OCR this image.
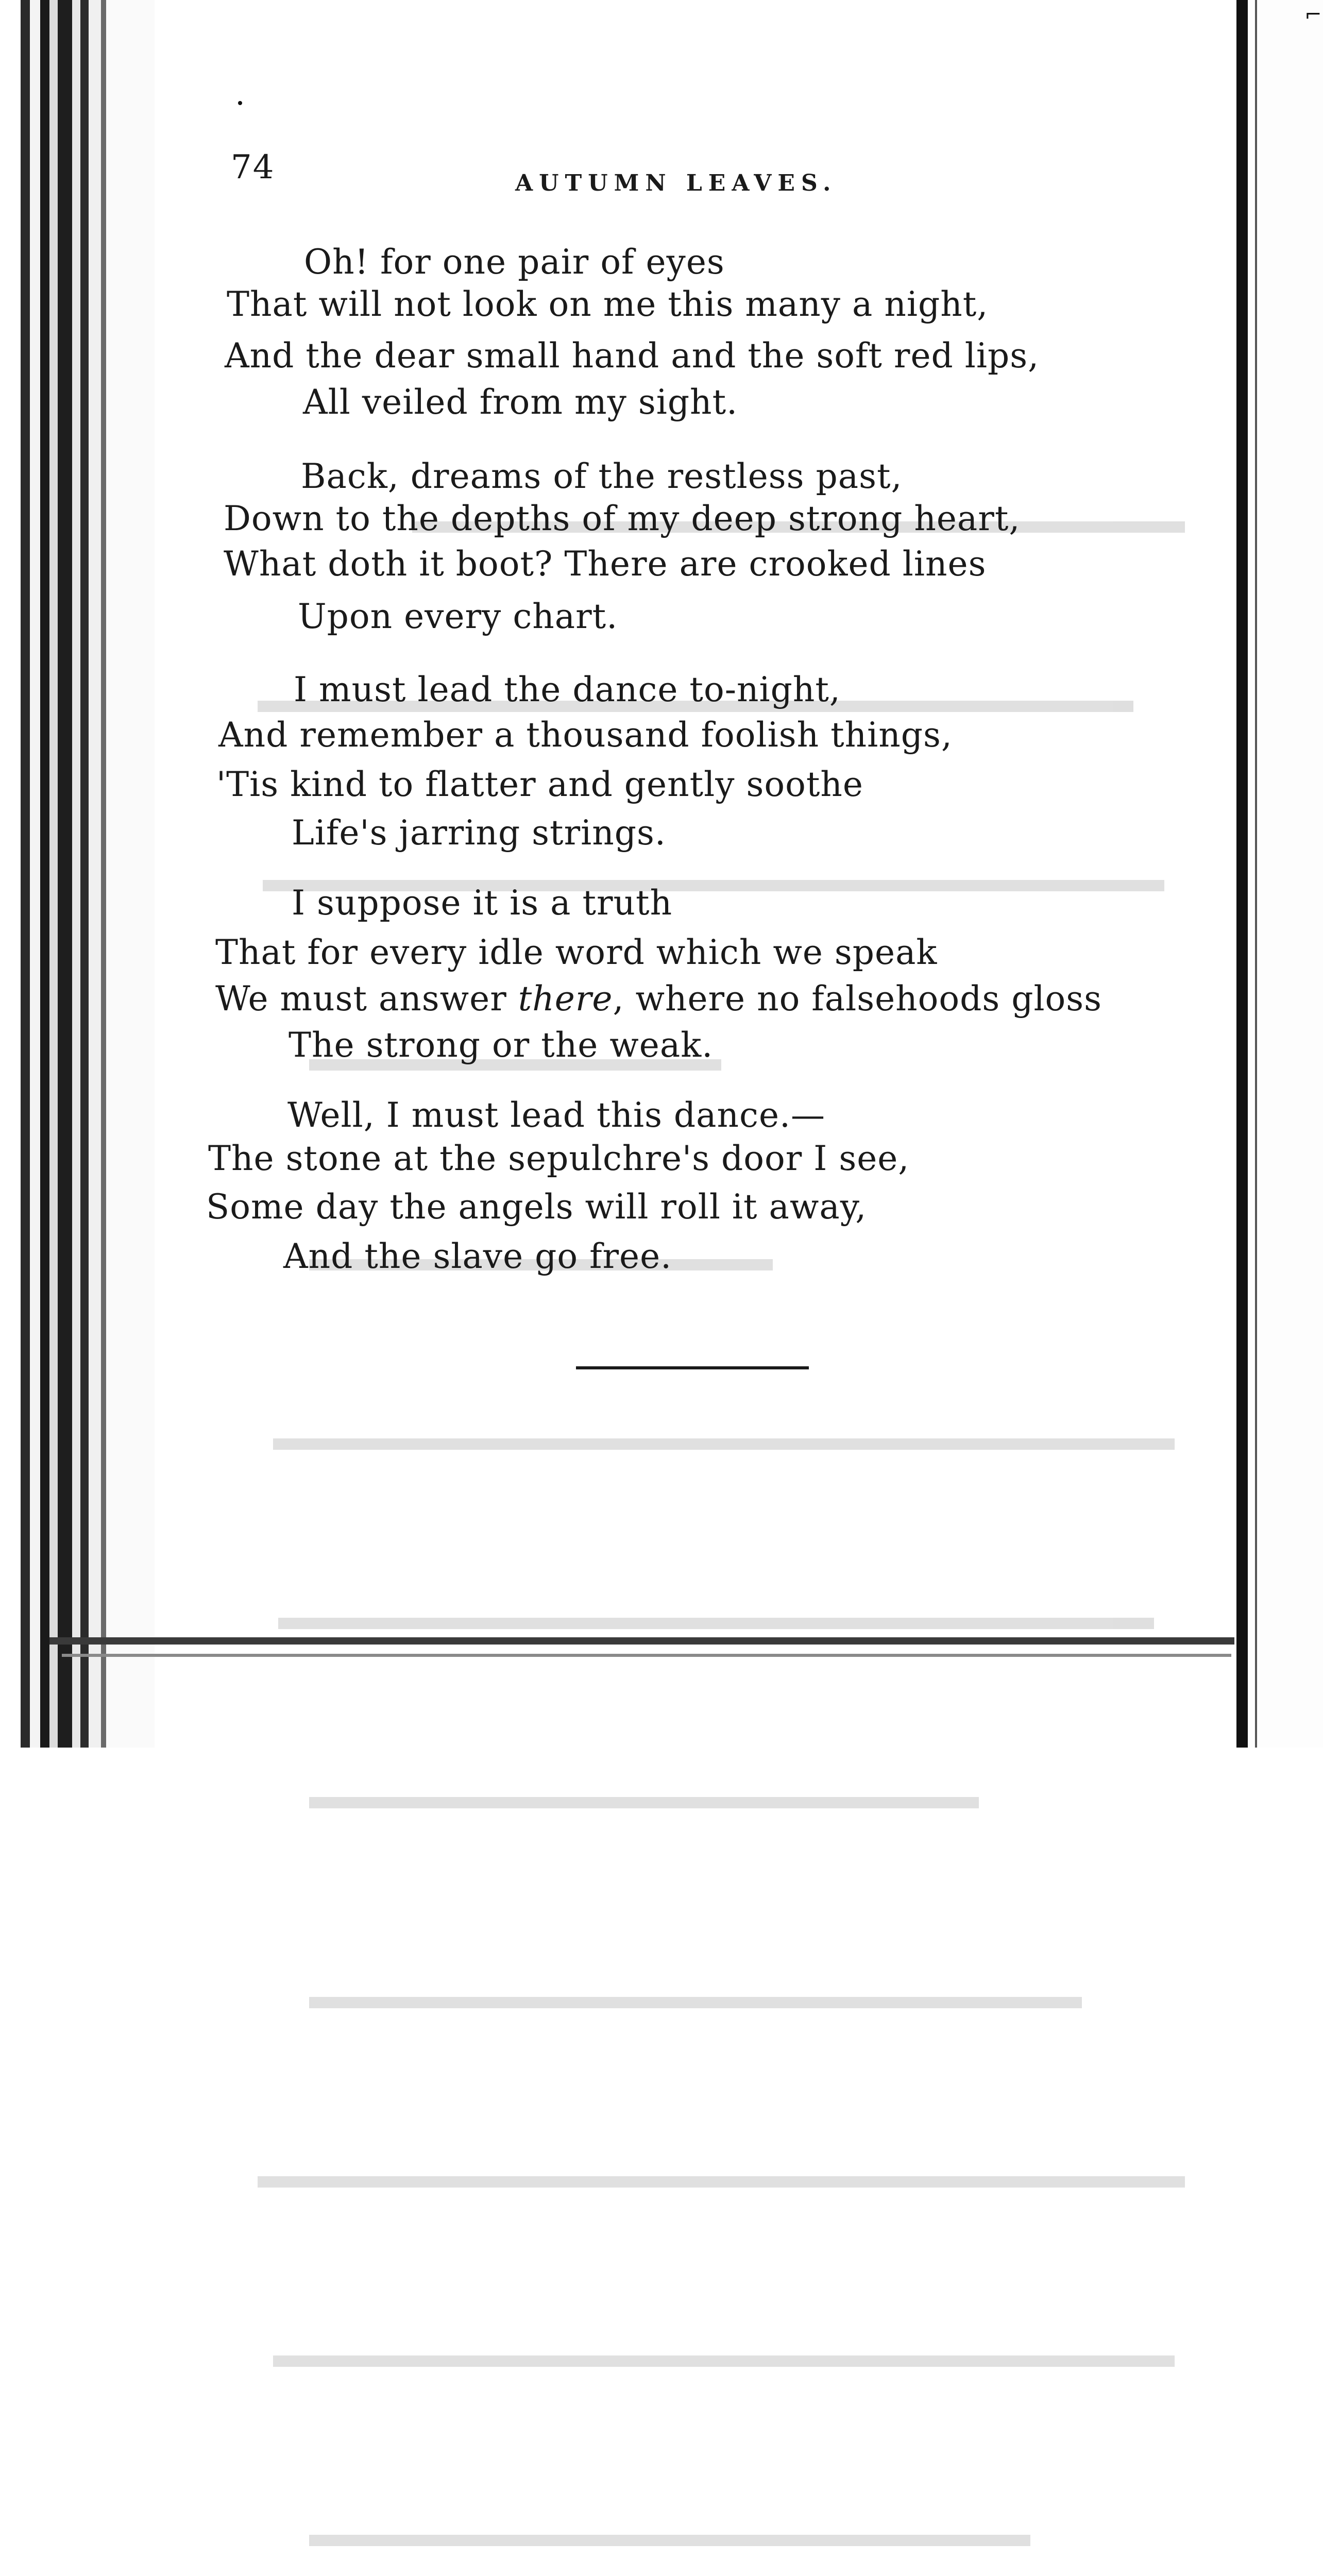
⌐

74	AUTUMN LEAVES.
Oh! for one pair of eyes
That will not look on me this many a night,
And the dear small hand and the soft red lips,
All veiled from my sight.
Back, dreams of the restless past,
Down to the depths of my deep strong heart,
What doth it boot? There are crooked lines
Upon every chart.
I must lead the dance to-night,
And remember a thousand foolish things,
'Tis kind to flatter and gently soothe
Life's jarring strings.
I suppose it is a truth
That for every idle word which we speak
We must answer there, where no falsehoods gloss
The strong or the weak.
Well, I must lead this dance.—
The stone at the sepulchre's door I see,
Some day the angels will roll it away,
And the slave go free.
